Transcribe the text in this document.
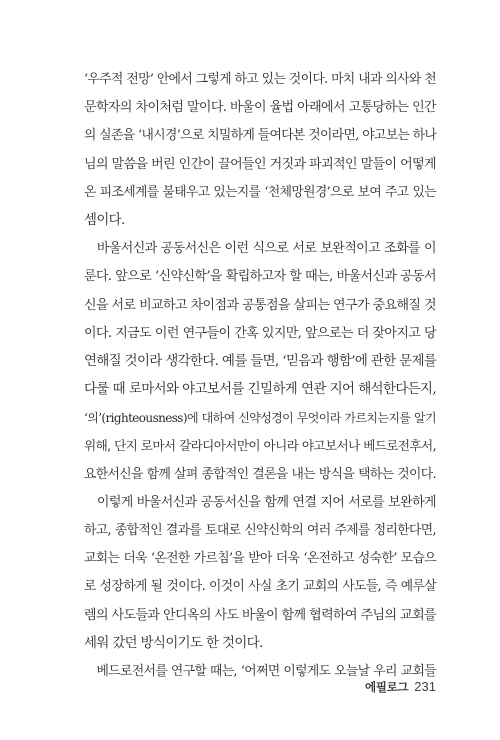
‘우주적 전망’ 안에서 그렇게 하고 있는 것이다. 마치 내과 의사와 천
문학자의 차이처럼 말이다. 바울이 율법 아래에서 고통당하는 인간
의 실존을 ‘내시경’으로 치밀하게 들여다본 것이라면, 야고보는 하나
님의 말씀을 버린 인간이 끌어들인 거짓과 파괴적인 말들이 어떻게
온 피조세계를 불태우고 있는지를 ‘천체망원경’으로 보여 주고 있는
셈이다.
　바울서신과 공동서신은 이런 식으로 서로 보완적이고 조화를 이
룬다. 앞으로 ‘신약신학’을 확립하고자 할 때는, 바울서신과 공동서
신을 서로 비교하고 차이점과 공통점을 살피는 연구가 중요해질 것
이다. 지금도 이런 연구들이 간혹 있지만, 앞으로는 더 잦아지고 당
연해질 것이라 생각한다. 예를 들면, ‘믿음과 행함’에 관한 문제를
다룰 때 로마서와 야고보서를 긴밀하게 연관 지어 해석한다든지,
‘의’(righteousness)에 대하여 신약성경이 무엇이라 가르치는지를 알기
위해, 단지 로마서 갈라디아서만이 아니라 야고보서나 베드로전후서,
요한서신을 함께 살펴 종합적인 결론을 내는 방식을 택하는 것이다.
　이렇게 바울서신과 공동서신을 함께 연결 지어 서로를 보완하게
하고, 종합적인 결과를 토대로 신약신학의 여러 주제를 정리한다면,
교회는 더욱 ‘온전한 가르침’을 받아 더욱 ‘온전하고 성숙한’ 모습으
로 성장하게 될 것이다. 이것이 사실 초기 교회의 사도들, 즉 예루살
렘의 사도들과 안디옥의 사도 바울이 함께 협력하여 주님의 교회를
세워 갔던 방식이기도 한 것이다.
　베드로전서를 연구할 때는, ‘어쩌면 이렇게도 오늘날 우리 교회들
에필로그 231
